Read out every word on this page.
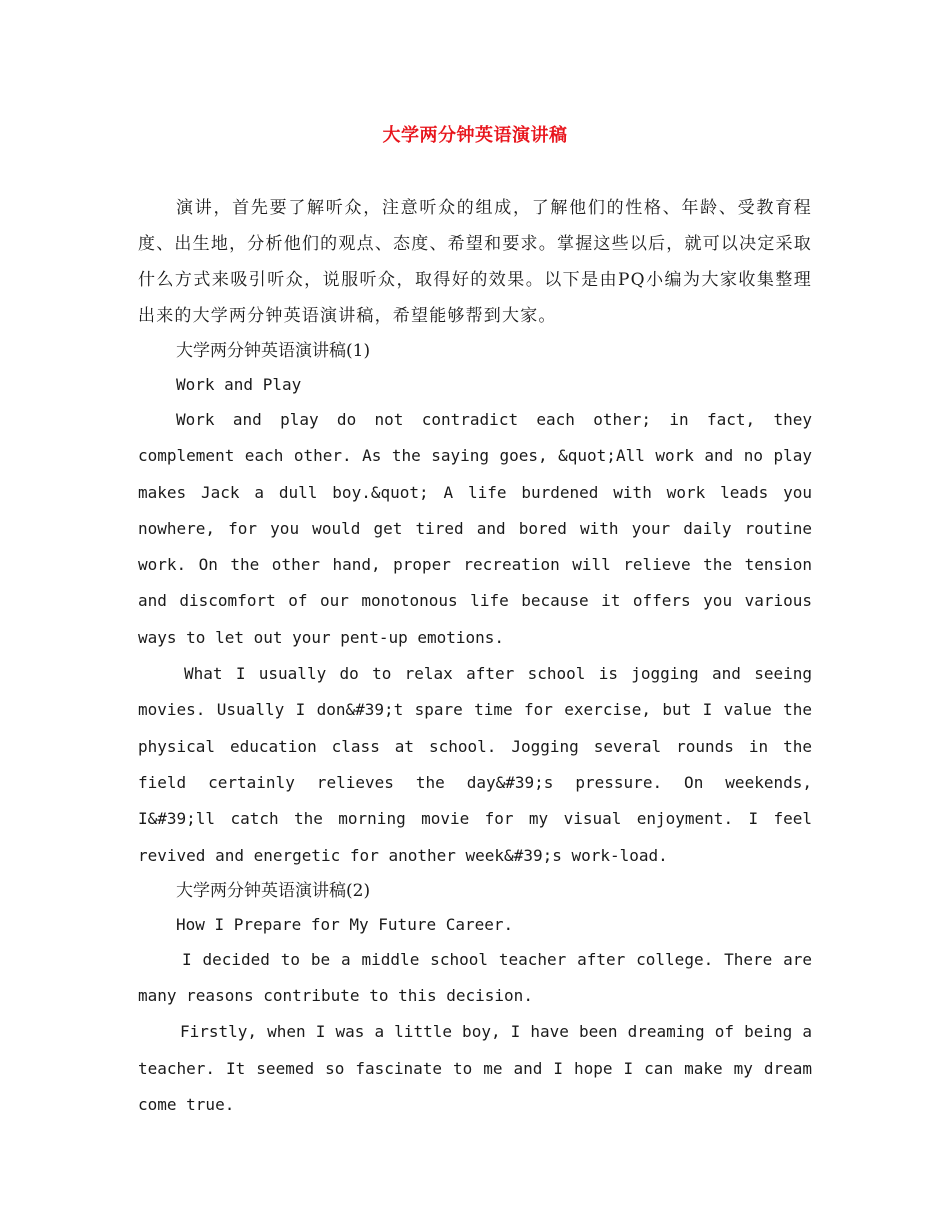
大学两分钟英语演讲稿

演讲，首先要了解听众，注意听众的组成，了解他们的性格、年龄、受教育程度、出生地，分析他们的观点、态度、希望和要求。掌握这些以后，就可以决定采取什么方式来吸引听众，说服听众，取得好的效果。以下是由PQ小编为大家收集整理出来的大学两分钟英语演讲稿，希望能够帮到大家。

大学两分钟英语演讲稿(1)

Work and Play

Work and play do not contradict each other; in fact, they complement each other. As the saying goes, &quot;All work and no play makes Jack a dull boy.&quot; A life burdened with work leads you nowhere, for you would get tired and bored with your daily routine work. On the other hand, proper recreation will relieve the tension and discomfort of our monotonous life because it offers you various ways to let out your pent-up emotions.

What I usually do to relax after school is jogging and seeing movies. Usually I don&#39;t spare time for exercise, but I value the physical education class at school. Jogging several rounds in the field certainly relieves the day&#39;s pressure. On weekends, I&#39;ll catch the morning movie for my visual enjoyment. I feel revived and energetic for another week&#39;s work-load.

大学两分钟英语演讲稿(2)

How I Prepare for My Future Career.

I decided to be a middle school teacher after college. There are many reasons contribute to this decision.

Firstly, when I was a little boy, I have been dreaming of being a teacher. It seemed so fascinate to me and I hope I can make my dream come true.
